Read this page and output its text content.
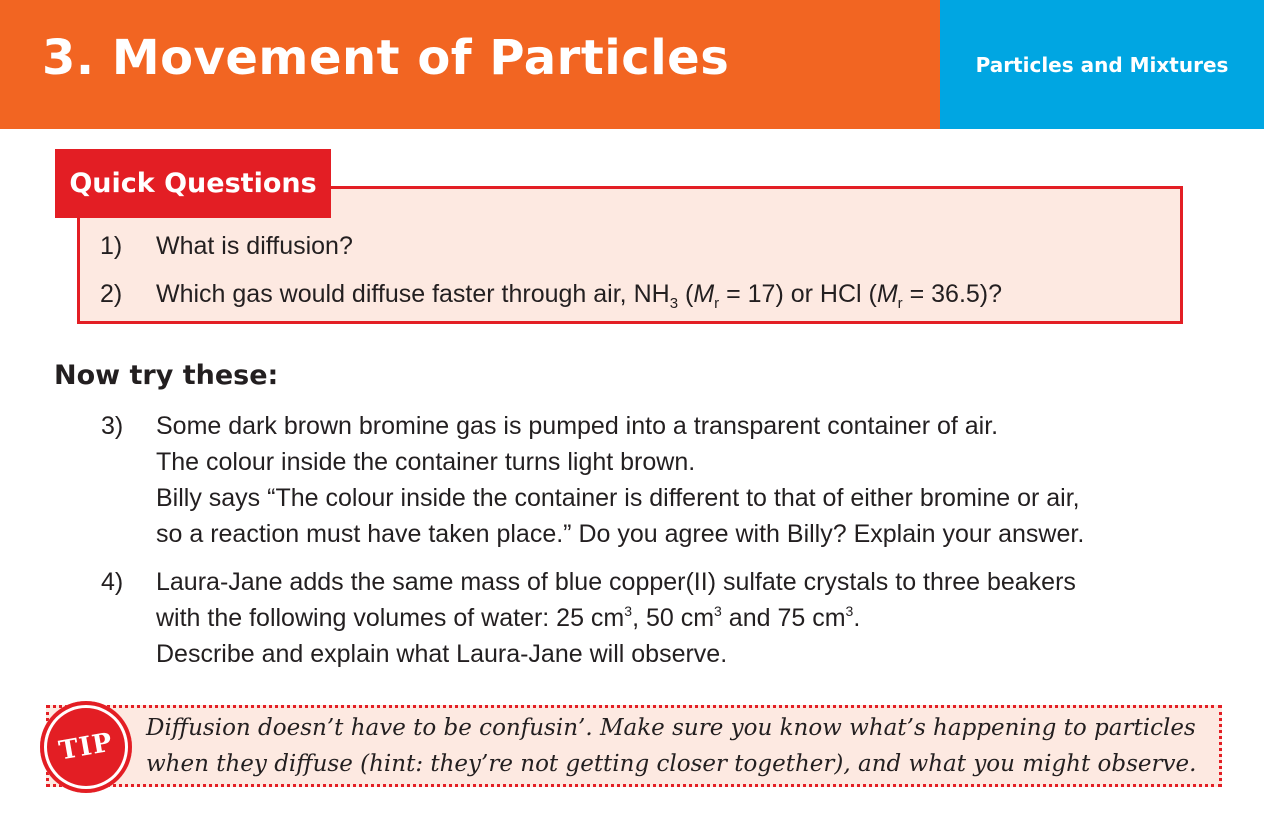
3. Movement of Particles	Particles and Mixtures
Quick Questions
1) What is diffusion?
2) Which gas would diffuse faster through air, $NH_3$ $(M_r = 17)$ or HCl $(M_r = 36.5)$?
Now try these:
3) Some dark brown bromine gas is pumped into a transparent container of air.
The colour inside the container turns light brown.
Billy says “The colour inside the container is different to that of either bromine or air,
so a reaction must have taken place.” Do you agree with Billy? Explain your answer.
4) Laura-Jane adds the same mass of blue copper(II) sulfate crystals to three beakers
with the following volumes of water: 25 $cm^3$, 50 $cm^3$ and 75 $cm^3$.
Describe and explain what Laura-Jane will observe.
TIP Diffusion doesn’t have to be confusin’. Make sure you know what’s happening to particles
when they diffuse (hint: they’re not getting closer together), and what you might observe.
